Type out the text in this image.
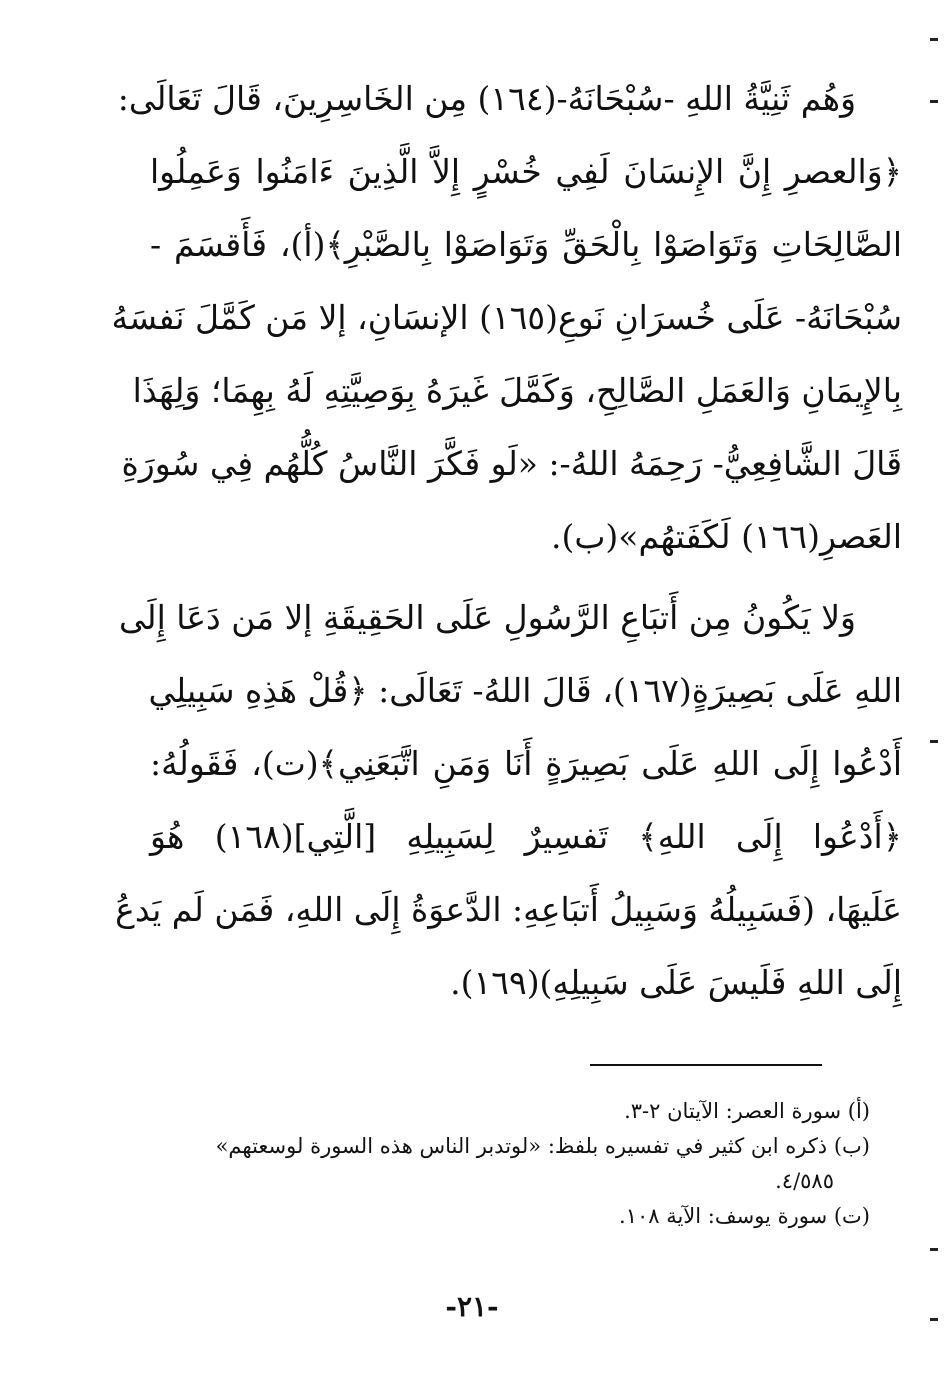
وَهُم ثَنِيَّةُ اللهِ -سُبْحَانَهُ-(١٦٤) مِن الخَاسِرِينَ، قَالَ تَعَالَى:
﴿وَالعصرِ إِنَّ الإِنسَانَ لَفِي خُسْرٍ إِلاَّ الَّذِينَ ءَامَنُوا وَعَمِلُوا
الصَّالِحَاتِ وَتَوَاصَوْا بِالْحَقِّ وَتَوَاصَوْا بِالصَّبْرِ﴾(أ)، فَأَقسَمَ -
سُبْحَانَهُ- عَلَى خُسرَانِ نَوعِ(١٦٥) الإنسَانِ، إلا مَن كَمَّلَ نَفسَهُ
بِالإِيمَانِ وَالعَمَلِ الصَّالِحِ، وَكَمَّلَ غَيرَهُ بِوَصِيَّتِهِ لَهُ بِهِمَا؛ وَلِهَذَا
قَالَ الشَّافِعِيُّ- رَحِمَهُ اللهُ-: «لَو فَكَّرَ النَّاسُ كُلُّهُم فِي سُورَةِ
العَصرِ(١٦٦) لَكَفَتهُم»(ب).
وَلا يَكُونُ مِن أَتبَاعِ الرَّسُولِ عَلَى الحَقِيقَةِ إلا مَن دَعَا إِلَى
اللهِ عَلَى بَصِيرَةٍ(١٦٧)، قَالَ اللهُ- تَعَالَى: ﴿قُلْ هَذِهِ سَبِيلِي
أَدْعُوا إِلَى اللهِ عَلَى بَصِيرَةٍ أَنَا وَمَنِ اتَّبَعَنِي﴾(ت)، فَقَولُهُ:
﴿أَدْعُوا إِلَى اللهِ﴾ تَفسِيرٌ لِسَبِيلِهِ [الَّتِي](١٦٨) هُوَ
عَلَيهَا، (فَسَبِيلُهُ وَسَبِيلُ أَتبَاعِهِ: الدَّعوَةُ إِلَى اللهِ، فَمَن لَم يَدعُ
إِلَى اللهِ فَلَيسَ عَلَى سَبِيلِهِ)(١٦٩).
(أ) سورة العصر: الآيتان ٢-٣.
(ب) ذكره ابن كثير في تفسيره بلفظ: «لوتدبر الناس هذه السورة لوسعتهم»
٤/٥٨٥.
(ت) سورة يوسف: الآية ١٠٨.
-٢١-
